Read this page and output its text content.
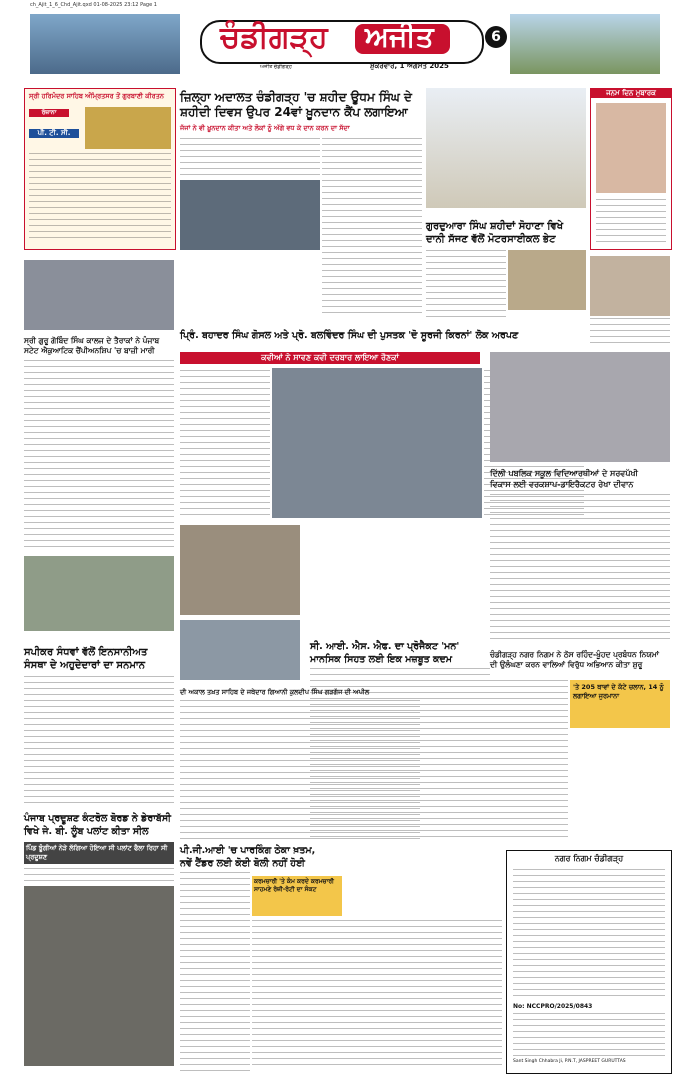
ch_Ajit_1_6_Chd_Ajit.qxd 01-08-2025 23:12 Page 1
ਚੰਡੀਗੜ੍ਹ ਅਜੀਤ
ਅਜੀਤ ਚੰਡੀਗੜ੍ਹ	ਸ਼ੁੱਕਰਵਾਰ, 1 ਅਗਸਤ 2025
6
ਸ੍ਰੀ ਹਰਿਮੰਦਰ ਸਾਹਿਬ ਅੰਮ੍ਰਿਤਸਰ ਤੋਂ ਗੁਰਬਾਣੀ ਕੀਰਤਨ
ਰੋਜ਼ਾਨਾ
ਪੀ. ਟੀ. ਸੀ.
ਜ਼ਿਲ੍ਹਾ ਅਦਾਲਤ ਚੰਡੀਗੜ੍ਹ 'ਚ ਸ਼ਹੀਦ ਊਧਮ ਸਿੰਘ ਦੇ
ਸ਼ਹੀਦੀ ਦਿਵਸ ਉਪਰ 24ਵਾਂ ਖ਼ੂਨਦਾਨ ਕੈਂਪ ਲਗਾਇਆ
ਜੱਜਾਂ ਨੇ ਵੀ ਖ਼ੂਨਦਾਨ ਕੀਤਾ ਅਤੇ ਲੋਕਾਂ ਨੂੰ ਅੱਗੇ ਵਧ ਕੇ ਦਾਨ ਕਰਨ ਦਾ ਸੱਦਾ
ਗੁਰਦੁਆਰਾ ਸਿੰਘ ਸ਼ਹੀਦਾਂ ਸੋਹਾਣਾ ਵਿਖੇ
ਦਾਨੀ ਸੱਜਣ ਵੱਲੋਂ ਮੋਟਰਸਾਈਕਲ ਭੇਟ
ਜਨਮ ਦਿਨ ਮੁਬਾਰਕ
ਸ੍ਰੀ ਗੁਰੂ ਗੋਬਿੰਦ ਸਿੰਘ ਕਾਲਜ ਦੇ ਤੈਰਾਕਾਂ ਨੇ ਪੰਜਾਬ
ਸਟੇਟ ਐਕੁਆਟਿਕ ਚੈਂਪੀਅਨਸ਼ਿਪ 'ਚ ਬਾਜ਼ੀ ਮਾਰੀ
ਪ੍ਰਿੰ. ਬਹਾਦਰ ਸਿੰਘ ਗੋਸਲ ਅਤੇ ਪ੍ਰੋ. ਬਲਵਿੰਦਰ ਸਿੰਘ ਦੀ ਪੁਸਤਕ 'ਦੋ ਸੂਰਜੀ ਕਿਰਨਾਂ' ਲੋਕ ਅਰਪਣ
ਕਵੀਆਂ ਨੇ ਸਾਵਣ ਕਵੀ ਦਰਬਾਰ ਲਾਇਆ ਰੌਣਕਾਂ
ਦਿੱਲੀ ਪਬਲਿਕ ਸਕੂਲ ਵਿਦਿਆਰਥੀਆਂ ਦੇ ਸਰਵਪੱਖੀ
ਵਿਕਾਸ ਲਈ ਵਰਕਸ਼ਾਪ-ਡਾਇਰੈਕਟਰ ਰੇਖਾ ਦੀਵਾਨ
ਸਪੀਕਰ ਸੰਧਵਾਂ ਵੱਲੋਂ ਇਨਸਾਨੀਅਤ
ਸੰਸਥਾ ਦੇ ਅਹੁਦੇਦਾਰਾਂ ਦਾ ਸਨਮਾਨ
ਦੀ ਅਕਾਲ ਤਖ਼ਤ ਸਾਹਿਬ ਦੇ ਜਥੇਦਾਰ ਗਿਆਨੀ ਕੁਲਦੀਪ ਸਿੰਘ ਗੜਗੱਜ ਦੀ ਅਪੀਲ
ਸੀ. ਆਈ. ਐਸ. ਐਫ. ਦਾ ਪ੍ਰੋਜੈਕਟ 'ਮਨ'
ਮਾਨਸਿਕ ਸਿਹਤ ਲਈ ਇਕ ਮਜ਼ਬੂਤ ਕਦਮ	ਚੰਡੀਗੜ੍ਹ ਨਗਰ ਨਿਗਮ ਨੇ ਠੋਸ ਰਹਿੰਦ-ਖੂੰਹਦ ਪ੍ਰਬੰਧਨ ਨਿਯਮਾਂ
ਦੀ ਉਲੰਘਣਾ ਕਰਨ ਵਾਲਿਆਂ ਵਿਰੁੱਧ ਅਭਿਆਨ ਕੀਤਾ ਸ਼ੁਰੂ
'ਤੇ 205 ਥਾਵਾਂ ਦੇ ਕੱਟੇ ਚਲਾਨ, 14 ਨੂੰ ਲਗਾਇਆ ਜੁਰਮਾਨਾ
ਪੰਜਾਬ ਪ੍ਰਦੂਸ਼ਣ ਕੰਟਰੋਲ ਬੋਰਡ ਨੇ ਡੇਰਾਬੱਸੀ
ਵਿਖੇ ਜੇ. ਬੀ. ਲੂੰਬ ਪਲਾਂਟ ਕੀਤਾ ਸੀਲ
ਪਿੰਡ ਝੂੰਗੀਆਂ ਨੇੜੇ ਲੱਗਿਆ ਹੋਇਆ ਸੀ ਪਲਾਂਟ ਫੈਲਾ ਰਿਹਾ ਸੀ ਪ੍ਰਦੂਸ਼ਣ
ਪੀ.ਜੀ.ਆਈ 'ਚ ਪਾਰਕਿੰਗ ਠੇਕਾ ਖ਼ਤਮ,
ਨਵੇਂ ਟੈਂਡਰ ਲਈ ਕੋਈ ਬੋਲੀ ਨਹੀਂ ਹੋਈ
ਕਰਮਚਾਰੀ 'ਤੇ ਕੰਮ ਕਰਦੇ ਕਰਮਚਾਰੀ ਸਾਹਮਣੇ ਰੋਜ਼ੀ-ਰੋਟੀ ਦਾ ਸੰਕਟ
ਨਗਰ ਨਿਗਮ ਚੰਡੀਗੜ੍ਹ
No: NCCPRO/2025/0843
Sant Singh Chhabra Ji, P.N.T, JASPREET GURUTTAS
